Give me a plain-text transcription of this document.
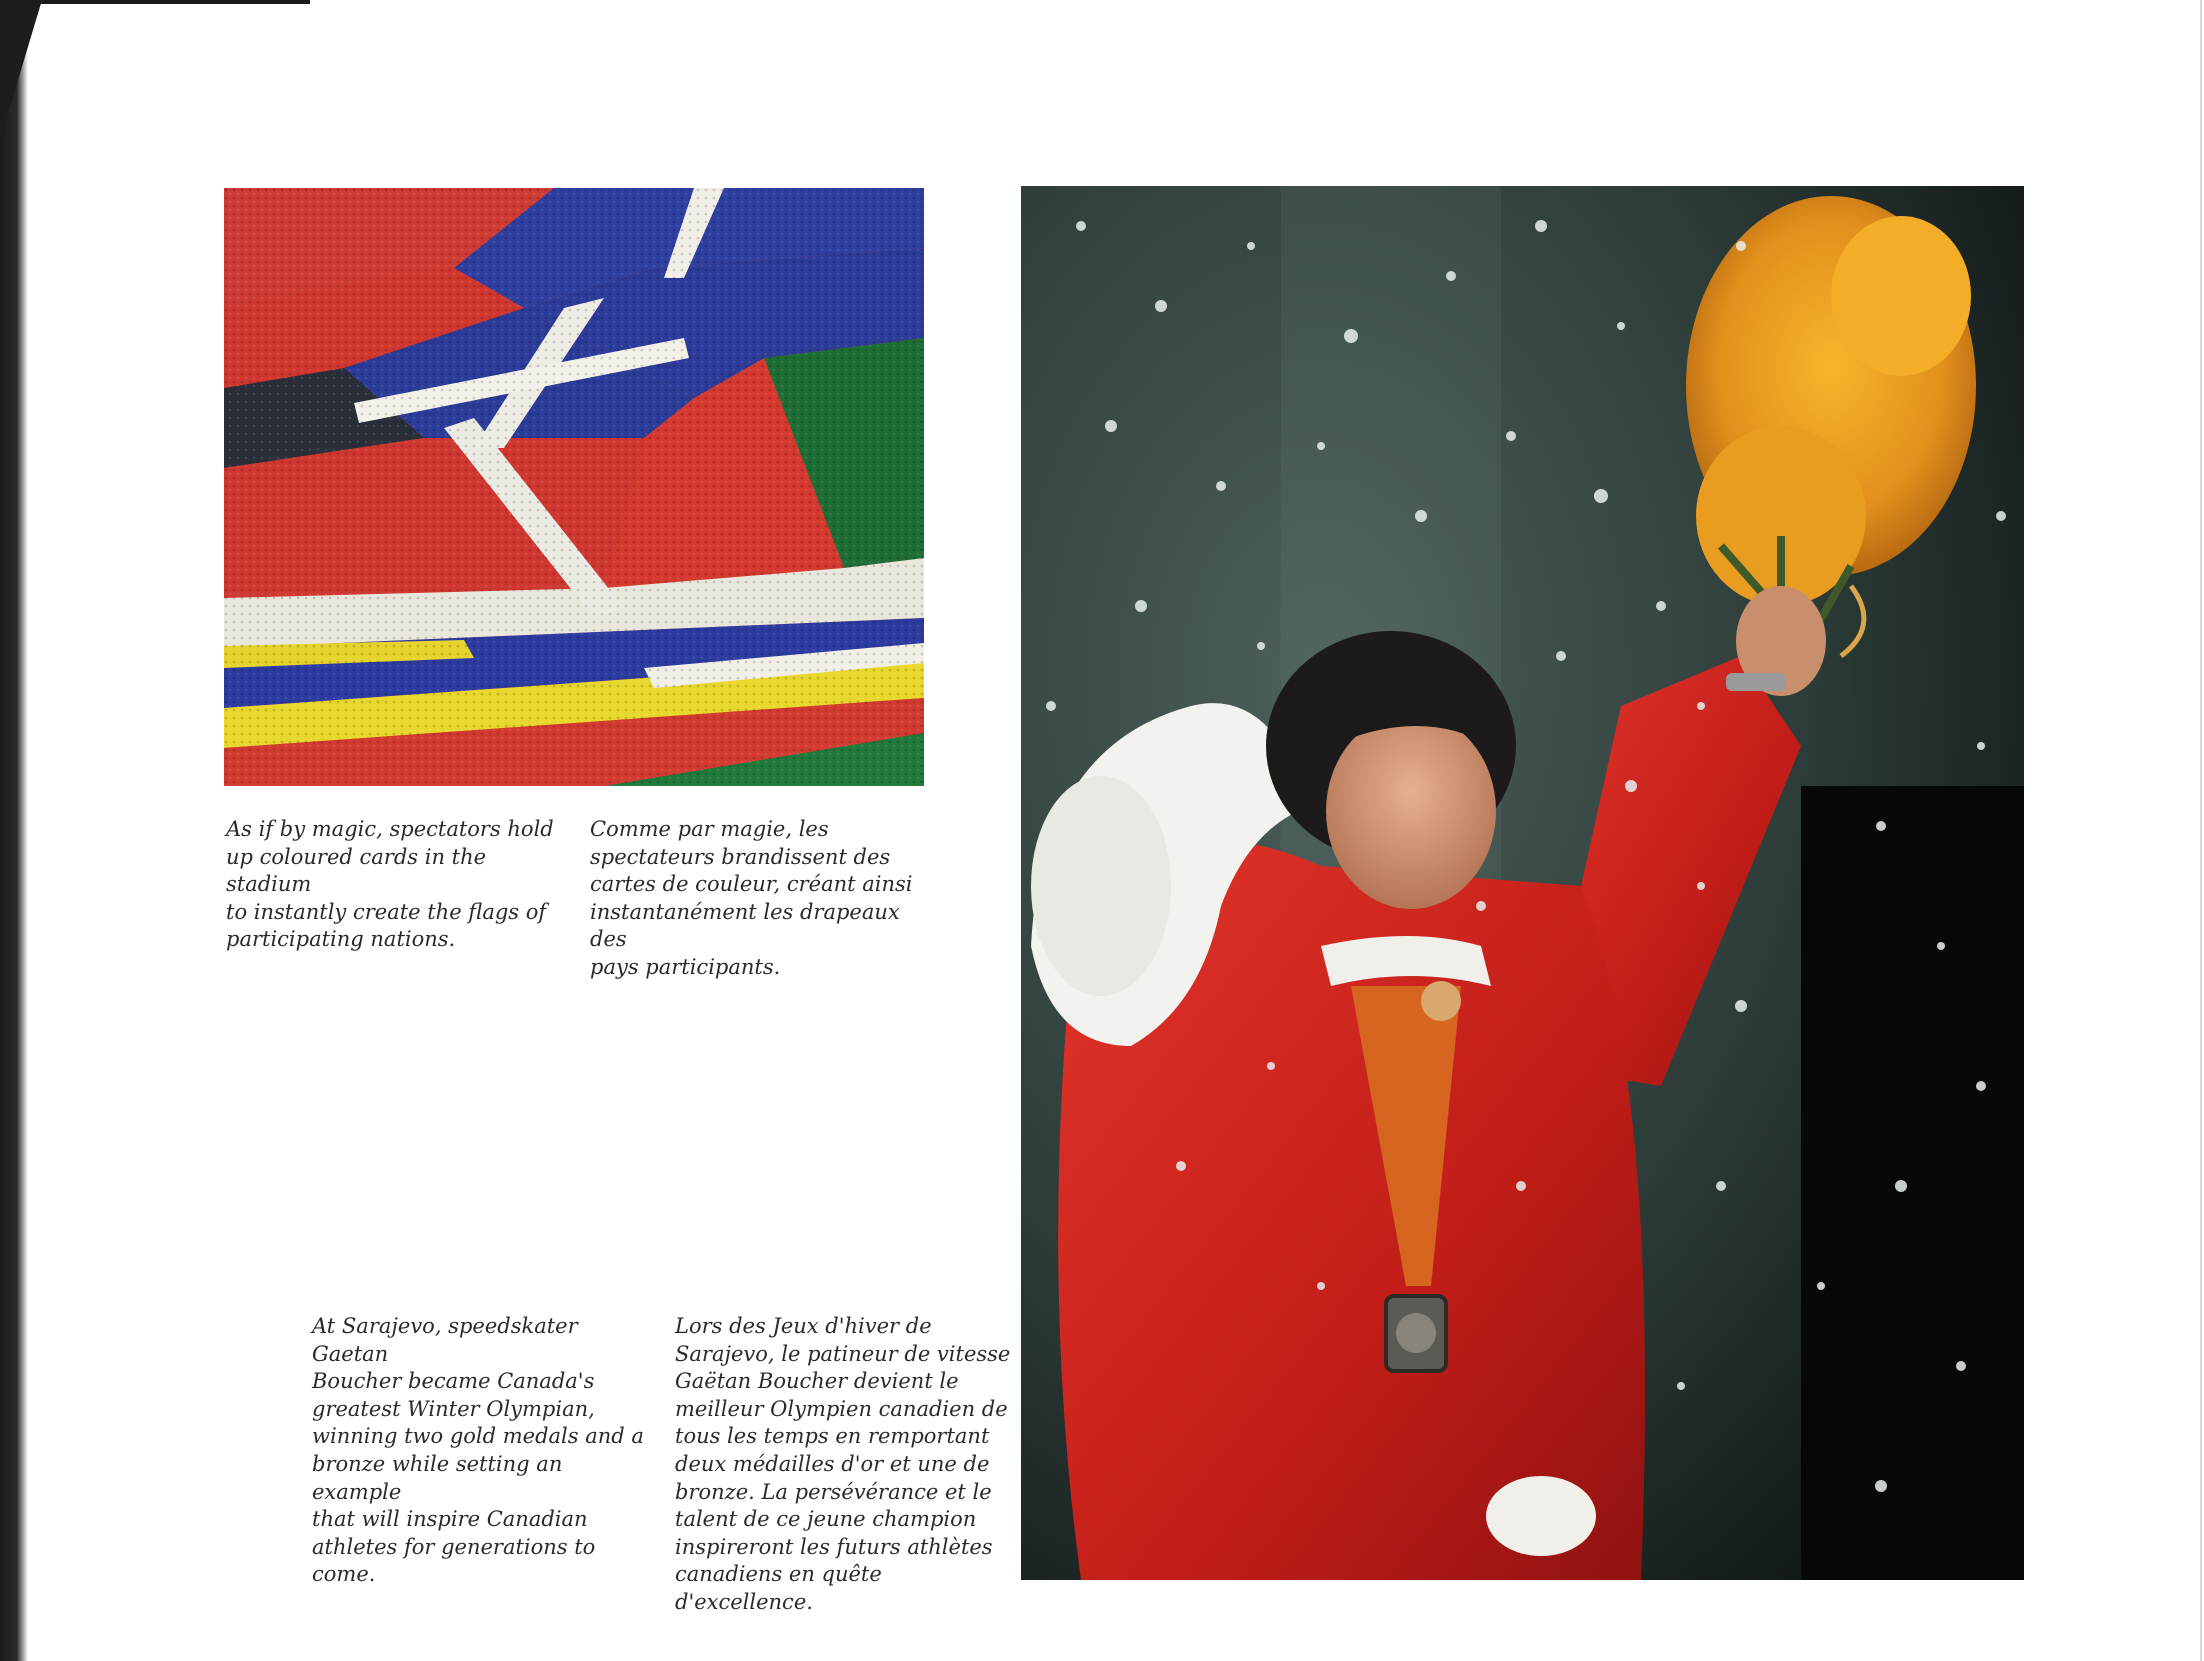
As if by magic, spectators hold
up coloured cards in the stadium
to instantly create the flags of
participating nations.

Comme par magie, les
spectateurs brandissent des
cartes de couleur, créant ainsi
instantanément les drapeaux des
pays participants.

At Sarajevo, speedskater Gaetan
Boucher became Canada's
greatest Winter Olympian,
winning two gold medals and a
bronze while setting an example
that will inspire Canadian
athletes for generations to come.

Lors des Jeux d'hiver de
Sarajevo, le patineur de vitesse
Gaëtan Boucher devient le
meilleur Olympien canadien de
tous les temps en remportant
deux médailles d'or et une de
bronze. La persévérance et le
talent de ce jeune champion
inspireront les futurs athlètes
canadiens en quête d'excellence.
